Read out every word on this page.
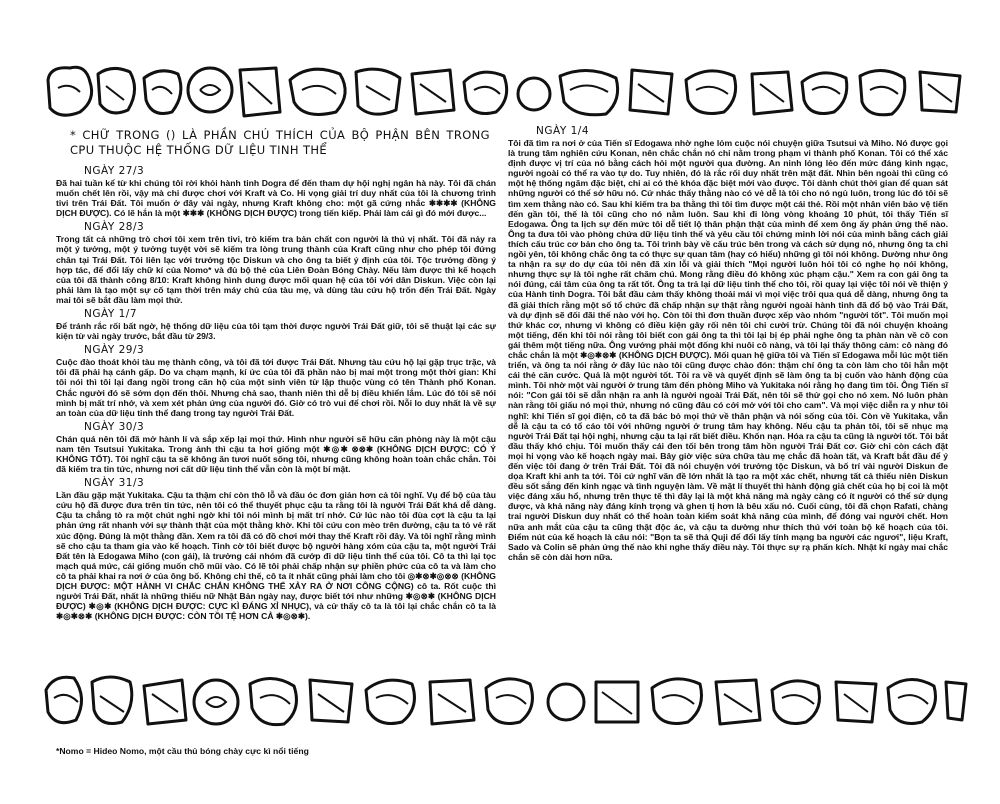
* CHỮ TRONG () LÀ PHẦN CHÚ THÍCH CỦA BỘ PHẬN BÊN TRONG CPU THUỘC HỆ THỐNG DỮ LIỆU TINH THỂ
NGÀY 27/3

Đã hai tuần kể từ khi chúng tôi rời khỏi hành tinh Dogra để đến tham dự hội nghị ngân hà này. Tôi đã chán muốn chết lên rồi, vậy mà chỉ được chơi với Kraft và Co. Hi vọng giải trí duy nhất của tôi là chương trình tivi trên Trái Đất. Tôi muốn ở đây vài ngày, nhưng Kraft không cho: một gã cứng nhắc ✱✱✱✱ (KHÔNG DỊCH ĐƯỢC). Có lẽ hắn là một ✱✱✱ (KHÔNG DỊCH ĐƯỢC) trong tiến kiếp. Phải làm cái gì đó mới được...

NGÀY 28/3

Trong tất cả những trò chơi tôi xem trên tivi, trò kiếm tra bản chất con người là thú vị nhất. Tôi đã nảy ra một ý tưởng, một ý tưởng tuyệt vời sẽ kiếm tra lòng trung thành của Kraft cũng như cho phép tôi đứng chân tại Trái Đất. Tôi liên lạc với trưởng tộc Diskun và cho ông ta biết ý định của tôi. Tộc trưởng đồng ý hợp tác, để đổi lấy chữ kí của Nomo* và đủ bộ thẻ của Liên Đoàn Bóng Chày. Nếu làm được thì kế hoạch của tôi đã thành công 8/10: Kraft không hình dung được mối quan hệ của tôi với dân Diskun. Việc còn lại phải làm là tạo một sự cố tạm thời trên máy chủ của tàu mẹ, và dùng tàu cứu hộ trốn đến Trái Đất. Ngày mai tôi sẽ bắt đầu làm mọi thứ.

NGÀY 1/7

Để tránh rắc rối bất ngờ, hệ thống dữ liệu của tôi tạm thời được người Trái Đất giữ, tôi sẽ thuật lại các sự kiện từ vài ngày trước, bắt đầu từ 29/3.

NGÀY 29/3

Cuộc đào thoát khỏi tàu mẹ thành công, và tôi đã tới được Trái Đất. Nhưng tàu cứu hộ lại gặp trục trặc, và tôi đã phải hạ cánh gấp. Do va chạm mạnh, kí ức của tôi đã phần nào bị mai một trong một thời gian: Khi tôi nói thì tôi lại đang ngồi trong căn hộ của một sinh viên từ lập thuộc vùng có tên Thành phố Konan. Chắc người đó sẽ sớm dọn đến thôi. Nhưng chả sao, thanh niên thì dễ bị điều khiển lắm. Lúc đó tôi sẽ nói mình bị mất trí nhớ, và xem xét phản ứng của người đó. Giờ có trò vui để chơi rồi. Nỗi lo duy nhất là về sự an toàn của dữ liệu tinh thể đang trong tay người Trái Đất.

NGÀY 30/3

Chán quá nên tôi đã mở hành lí và sắp xếp lại mọi thứ. Hình như người sẽ hữu căn phòng này là một cậu nam tên Tsutsui Yukitaka. Trong ảnh thì cậu ta hơi giống một ✱◎✱ ⊗⊗✱ (KHÔNG DỊCH ĐƯỢC: CÓ Ý KHÔNG TỐT). Tôi nghĩ cậu ta sẽ không ăn tươi nuốt sống tôi, nhưng cũng không hoàn toàn chắc chắn. Tôi đã kiếm tra tin tức, nhưng nơi cất dữ liệu tinh thể vẫn còn là một bí mật.

NGÀY 31/3

Lần đầu gặp mặt Yukitaka. Cậu ta thậm chí còn thô lỗ và đầu óc đơn giản hơn cả tôi nghĩ. Vụ để bộ của tàu cứu hộ đã được đưa trên tin tức, nên tôi có thể thuyết phục cậu ta rằng tôi là người Trái Đất khá dễ dàng. Cậu ta chẳng tò ra một chút nghi ngờ khi tôi nói mình bị mất trí nhớ. Cứ lúc nào tôi đùa cợt là cậu ta lại phản ứng rất nhanh với sự thành thật của một thằng khờ. Khi tôi cứu con mèo trên đường, cậu ta tỏ vẻ rất xúc động. Đúng là một thằng đần. Xem ra tôi đã có đồ chơi mới thay thế Kraft rồi đây. Và tôi nghĩ rằng mình sẽ cho cậu ta tham gia vào kế hoạch. Tinh cờ tôi biết được bộ người hàng xóm của cậu ta, một người Trái Đất tên là Edogawa Miho (con gái), là trưởng cái nhóm đã cướp đi dữ liệu tinh thể của tôi. Cô ta thì lại tọc mạch quá mức, cái giống muốn chõ mũi vào. Có lẽ tôi phải chấp nhận sự phiền phức của cô ta và làm cho cô ta phải khai ra nơi ở của ông bố. Không chỉ thế, cô ta ít nhất cũng phải làm cho tôi ◎✱⊗✱◎⊗⊗ (KHÔNG DỊCH ĐƯỢC: MỘT HÀNH VI CHẮC CHẮN KHÔNG THỂ XẢY RA Ở NƠI CÔNG CỘNG) cô ta. Rốt cuộc thì người Trái Đất, nhất là những thiếu nữ Nhật Bản ngày nay, được biết tới như những ✱◎⊗✱ (KHÔNG DỊCH ĐƯỢC) ✱◎✱ (KHÔNG DỊCH ĐƯỢC: CỰC KÌ ĐÁNG XỈ NHỤC), và cử thấy cô ta là tôi lại chắc chắn cô ta là ✱◎✱⊗✱ (KHÔNG DỊCH ĐƯỢC: CÒN TỒI TỆ HƠN CẢ ✱◎⊗✱).

NGÀY 1/4

Tôi đã tìm ra nơi ở của Tiến sĩ Edogawa nhờ nghe lỏm cuộc nói chuyện giữa Tsutsui và Miho. Nó được gọi là trung tâm nghiên cứu Konan, nên chắc chắn nó chỉ nằm trong phạm vi thành phố Konan. Tôi có thể xác định được vị trí của nó bằng cách hỏi một người qua đường. An ninh lỏng lẻo đến mức đáng kinh ngạc, người ngoài có thể ra vào tự do. Tuy nhiên, đó là rắc rối duy nhất trên mặt đất. Nhìn bên ngoài thì cũng có một hệ thống ngăm đặc biệt, chỉ ai có thẻ khóa đặc biệt mới vào được. Tôi dành chút thời gian để quan sát những người có thể sở hữu nó. Cứ nhác thấy thằng nào có vẻ dễ là tôi cho nó ngủ luôn, trong lúc đó tôi sẽ tìm xem thằng nào có. Sau khi kiếm tra ba thằng thì tôi tìm được một cái thẻ. Rồi một nhân viên bảo vệ tiến đến gần tôi, thế là tôi cũng cho nó nằm luôn. Sau khi đi lòng vòng khoảng 10 phút, tôi thấy Tiến sĩ Edogawa. Ông ta lịch sự đến mức tôi dễ tiết lộ thân phận thật của mình để xem ông ấy phản ứng thế nào. Ông ta đưa tôi vào phòng chứa dữ liệu tinh thể và yêu cầu tôi chứng minh lời nói của mình bằng cách giải thích cấu trúc cơ bản cho ông ta. Tôi trình bày về cấu trúc bên trong và cách sử dụng nó, nhưng ông ta chỉ ngồi yên, tôi không chắc ông ta có thực sự quan tâm (hay có hiểu) những gì tôi nói không. Dường như ông ta nhận ra sự do dự của tôi nên đã xin lỗi và giải thích "Mọi người luôn hỏi tôi có nghe họ nói không, nhưng thực sự là tôi nghe rất chăm chú. Mong rằng điều đó không xúc phạm cậu." Xem ra con gái ông ta nói đúng, cái tâm của ông ta rất tốt. Ông ta trả lại dữ liệu tinh thể cho tôi, rồi quay lại việc tôi nói về thiện ý của Hành tinh Dogra. Tôi bắt đầu cảm thấy không thoải mái vì mọi việc trôi qua quá dễ dàng, nhưng ông ta đã giải thích rằng một số tổ chức đã chấp nhận sự thật rằng người ngoài hành tinh đã đổ bộ vào Trái Đất, và dự định sẽ đối đãi thế nào với họ. Còn tôi thì đơn thuần được xếp vào nhóm "người tốt". Tôi muốn mọi thứ khác cơ, nhưng vì không có điều kiện gây rối nên tôi chỉ cười trừ. Chúng tôi đã nói chuyện khoảng một tiếng, đến khi tôi nói rằng tôi biết con gái ông ta thì tôi lại bị ép phải nghe ông ta phàn nàn về cô con gái thêm một tiếng nữa. Ông vướng phải một đống khi nuôi cô nàng, và tôi lại thấy thông cảm: cô nàng đó chắc chắn là một ✱◎✱⊗✱ (KHÔNG DỊCH ĐƯỢC). Mối quan hệ giữa tôi và Tiến sĩ Edogawa mỗi lúc một tiến triển, và ông ta nói rằng ở đây lúc nào tôi cũng được chào đón: thậm chí ông ta còn làm cho tôi hẳn một cái thẻ căn cước. Quả là một người tốt. Tôi ra về và quyết định sẽ làm ông ta bị cuốn vào hành động của mình. Tôi nhờ một vài người ở trung tâm đến phòng Miho và Yukitaka nói rằng họ đang tìm tôi. Ông Tiến sĩ nói: "Con gái tôi sẽ dẫn nhận ra anh là người ngoài Trái Đất, nên tôi sẽ thử gọi cho nó xem. Nó luôn phàn nàn rằng tôi giấu nó mọi thứ, nhưng nó cũng đâu có cởi mở với tôi cho cam". Và mọi việc diễn ra y như tôi nghĩ: khi Tiến sĩ gọi điện, cô ta đã bác bỏ mọi thứ về thân phận và nói sống của tôi. Còn về Yukitaka, vẫn dễ là cậu ta có tổ cáo tôi với những người ở trung tâm hay không. Nếu cậu ta phản tôi, tôi sẽ nhục mạ người Trái Đất tại hội nghị, nhưng cậu ta lại rất biết điều. Khốn nạn. Hóa ra cậu ta cũng là người tốt. Tôi bắt đầu thấy khó chịu. Tôi muốn thấy cái đen tối bên trong tâm hồn người Trái Đất cơ. Giờ chỉ còn cách đặt mọi hi vọng vào kế hoạch ngày mai. Bây giờ việc sửa chữa tàu mẹ chắc đã hoàn tất, và Kraft bắt đầu để ý đến việc tôi đang ở trên Trái Đất. Tôi đã nói chuyện với trưởng tộc Diskun, và bố trí vài người Diskun đe dọa Kraft khi anh ta tới. Tôi cứ nghĩ văn đề lớn nhất là tạo ra một xác chết, nhưng tất cả thiếu niên Diskun đều sốt sắng đến kinh ngạc và tình nguyện làm. Về mặt lí thuyết thì hành động giả chết của họ bị coi là một việc đáng xấu hổ, nhưng trên thực tế thì đây lại là một khả năng mà ngày càng có ít người có thể sử dụng được, và khả năng này đáng kính trọng và ghen tị hơn là bêu xấu nó. Cuối cùng, tôi đã chọn Rafati, chàng trai người Diskun duy nhất có thể hoàn toàn kiểm soát khả năng của mình, để đóng vai người chết. Hơn nữa anh mắt của cậu ta cũng thật độc ác, và cậu ta dường như thích thú với toàn bộ kế hoạch của tôi. Điểm nút của kế hoạch là câu nói: "Bọn ta sẽ thả Quji để đổi lấy tính mạng ba người các ngươi", liệu Kraft, Sado và Colin sẽ phản ứng thế nào khi nghe thấy điều này. Tôi thực sự rạ phấn kích. Nhật kí ngày mai chắc chắn sẽ còn dài hơn nữa.

*Nomo = Hideo Nomo, một cầu thủ bóng chày cực kì nổi tiếng
